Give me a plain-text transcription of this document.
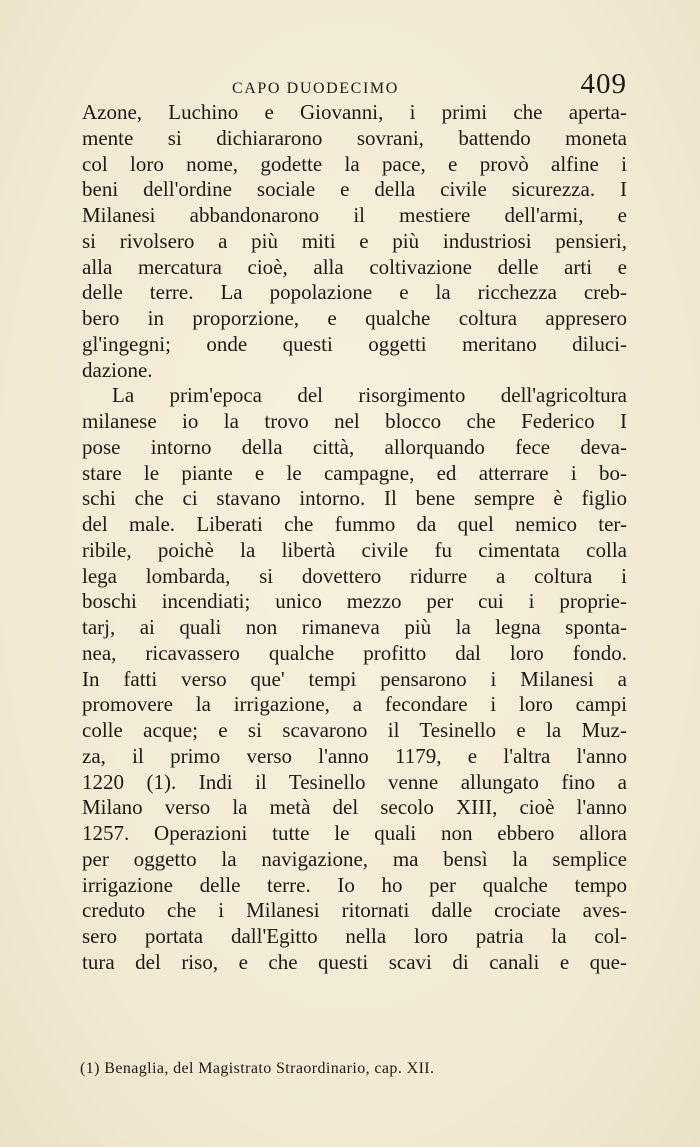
CAPO DUODECIMO	409
Azone, Luchino e Giovanni, i primi che aperta-
mente si dichiararono sovrani, battendo moneta
col loro nome, godette la pace, e provò alfine i
beni dell'ordine sociale e della civile sicurezza. I
Milanesi abbandonarono il mestiere dell'armi, e
si rivolsero a più miti e più industriosi pensieri,
alla mercatura cioè, alla coltivazione delle arti e
delle terre. La popolazione e la ricchezza creb-
bero in proporzione, e qualche coltura appresero
gl'ingegni; onde questi oggetti meritano diluci-
dazione.
La prim'epoca del risorgimento dell'agricoltura
milanese io la trovo nel blocco che Federico I
pose intorno della città, allorquando fece deva-
stare le piante e le campagne, ed atterrare i bo-
schi che ci stavano intorno. Il bene sempre è figlio
del male. Liberati che fummo da quel nemico ter-
ribile, poichè la libertà civile fu cimentata colla
lega lombarda, si dovettero ridurre a coltura i
boschi incendiati; unico mezzo per cui i proprie-
tarj, ai quali non rimaneva più la legna sponta-
nea, ricavassero qualche profitto dal loro fondo.
In fatti verso que' tempi pensarono i Milanesi a
promovere la irrigazione, a fecondare i loro campi
colle acque; e si scavarono il Tesinello e la Muz-
za, il primo verso l'anno 1179, e l'altra l'anno
1220 (1). Indi il Tesinello venne allungato fino a
Milano verso la metà del secolo XIII, cioè l'anno
1257. Operazioni tutte le quali non ebbero allora
per oggetto la navigazione, ma bensì la semplice
irrigazione delle terre. Io ho per qualche tempo
creduto che i Milanesi ritornati dalle crociate aves-
sero portata dall'Egitto nella loro patria la col-
tura del riso, e che questi scavi di canali e que-
(1) Benaglia, del Magistrato Straordinario, cap. XII.
